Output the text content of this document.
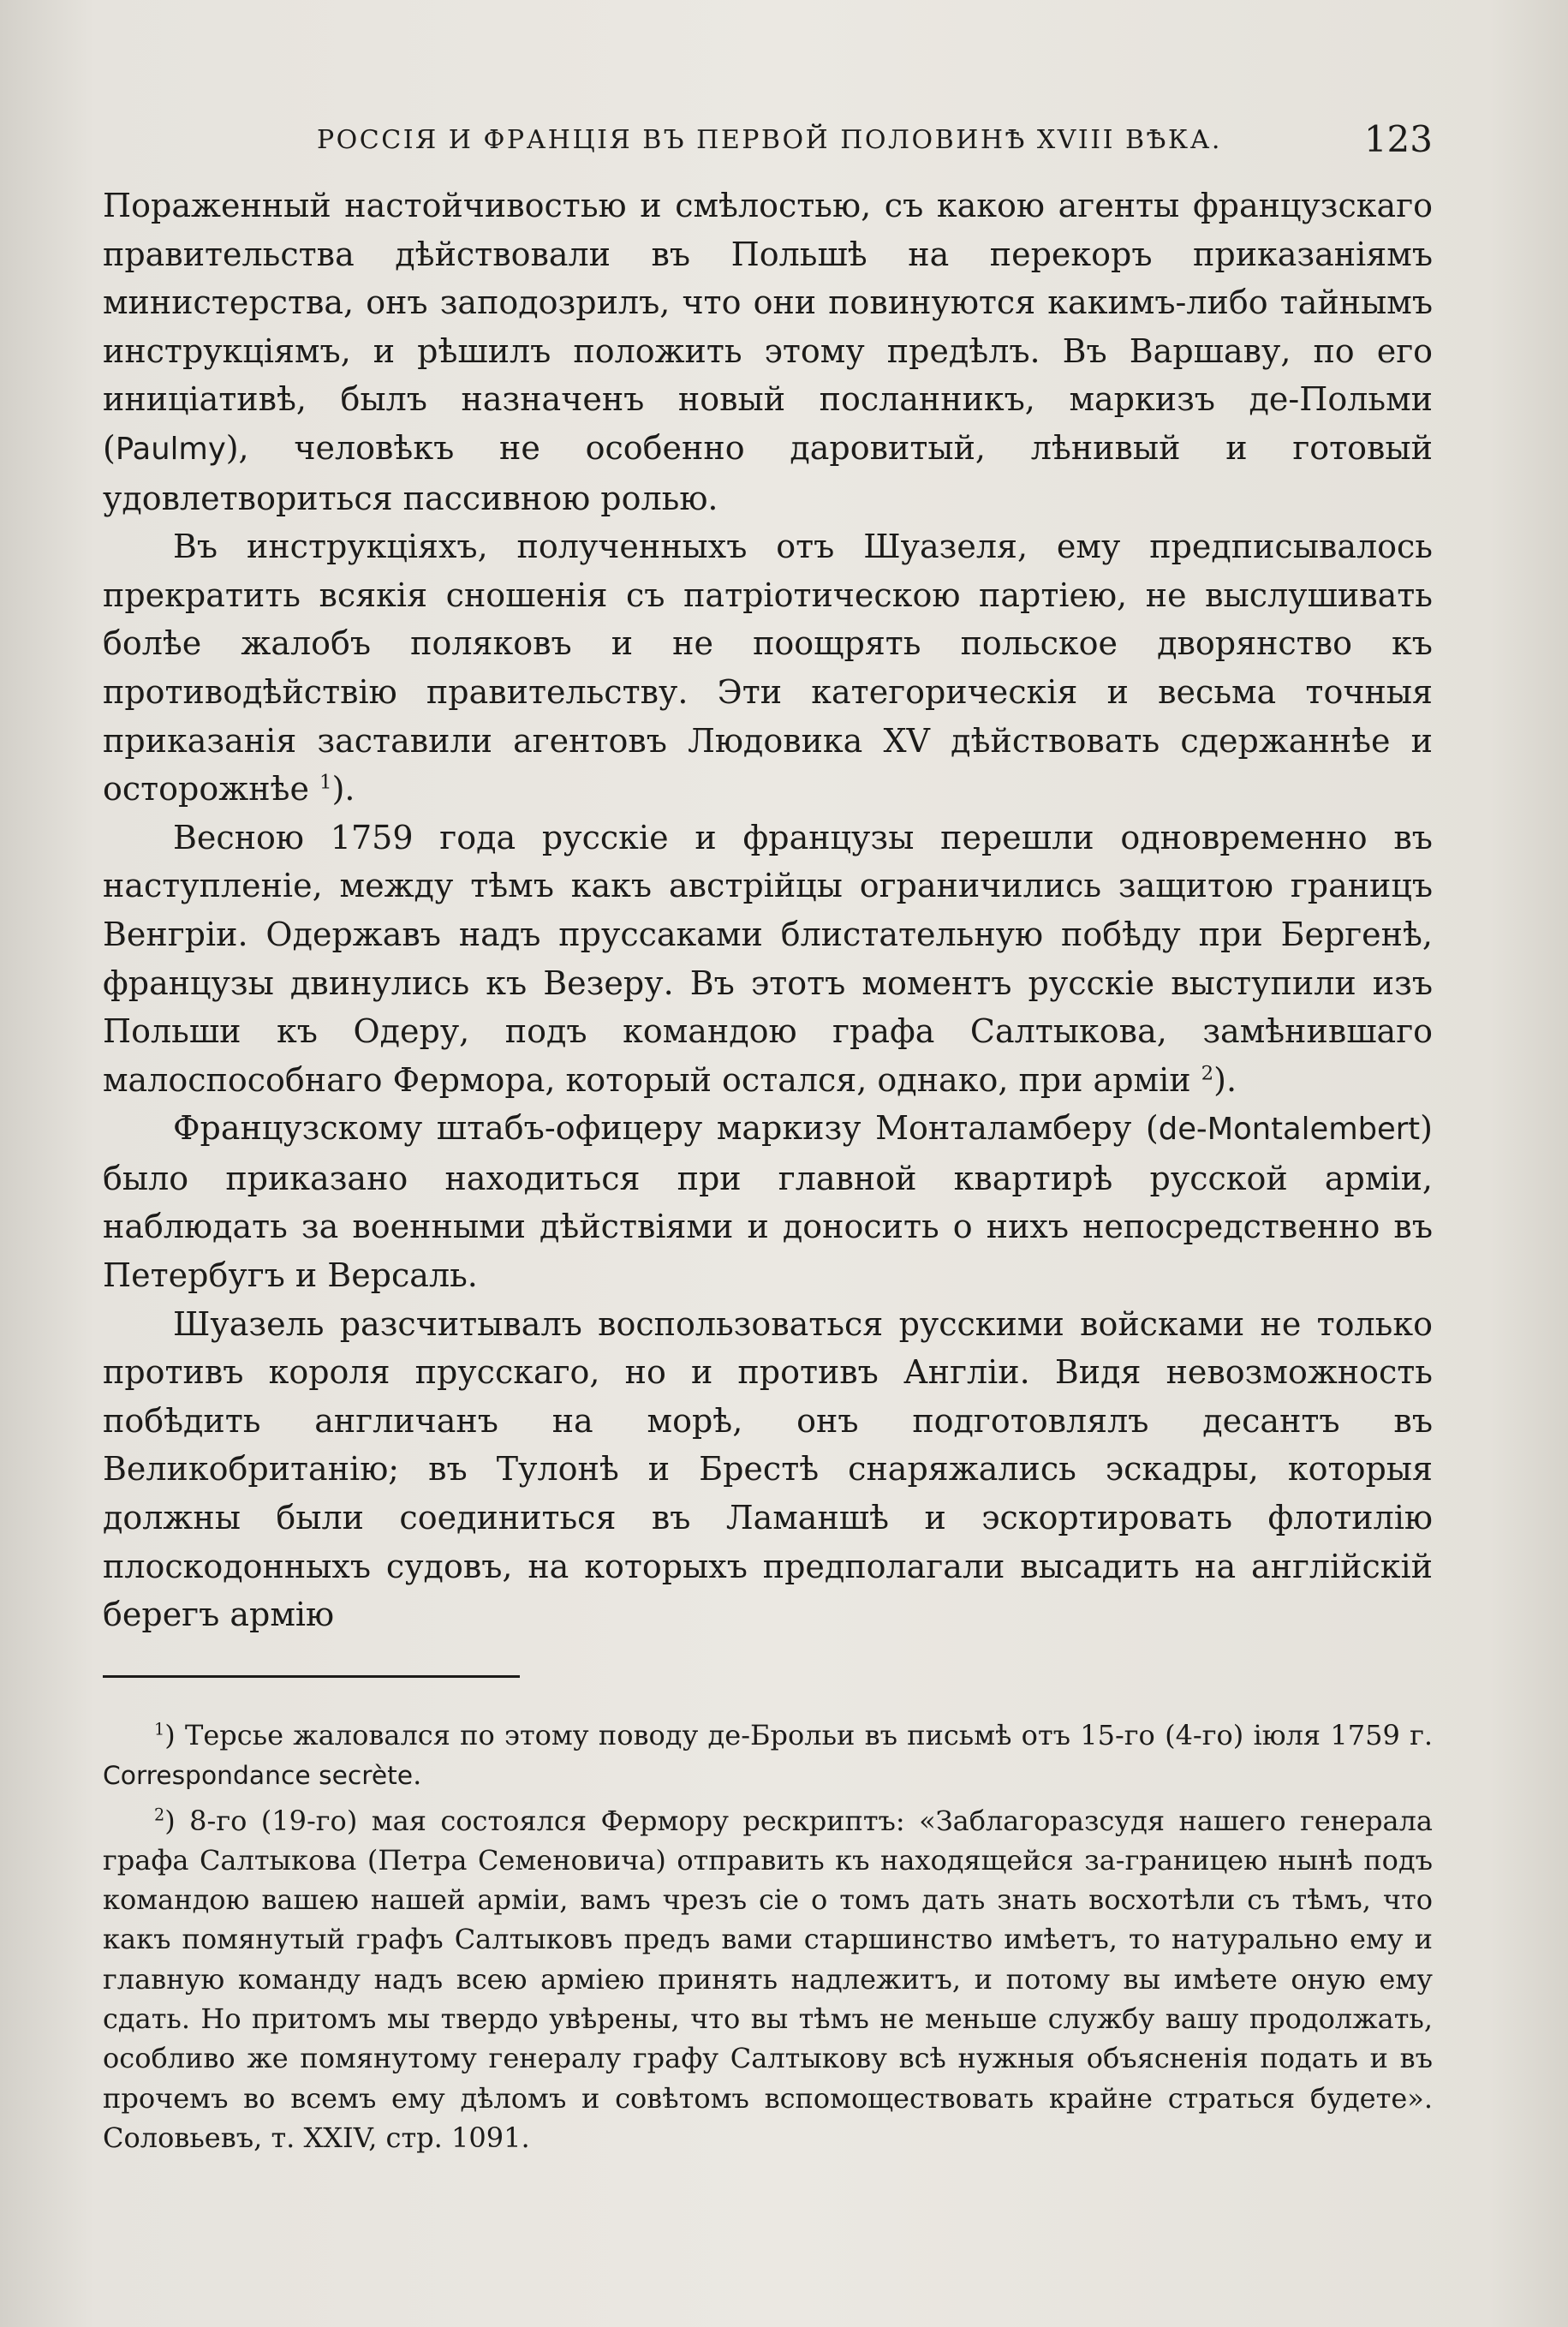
РОССІЯ И ФРАНЦІЯ ВЪ ПЕРВОЙ ПОЛОВИНѢ XVIII ВѢКА.	123

Пораженный настойчивостью и смѣлостью, съ какою агенты французскаго правительства дѣйствовали въ Польшѣ на перекоръ приказаніямъ министерства, онъ заподозрилъ, что они повинуются какимъ-либо тайнымъ инструкціямъ, и рѣшилъ положить этому предѣлъ. Въ Варшаву, по его иниціативѣ, былъ назначенъ новый посланникъ, маркизъ де-Польми (Paulmy), человѣкъ не особенно даровитый, лѣнивый и готовый удовлетвориться пассивною ролью.

Въ инструкціяхъ, полученныхъ отъ Шуазеля, ему предписывалось прекратить всякія сношенія съ патріотическою партіею, не выслушивать болѣе жалобъ поляковъ и не поощрять польское дворянство къ противодѣйствію правительству. Эти категорическія и весьма точныя приказанія заставили агентовъ Людовика XV дѣйствовать сдержаннѣе и осторожнѣе $^1$).

Весною 1759 года русскіе и французы перешли одновременно въ наступленіе, между тѣмъ какъ австрійцы ограничились защитою границъ Венгріи. Одержавъ надъ пруссаками блистательную побѣду при Бергенѣ, французы двинулись къ Везеру. Въ этотъ моментъ русскіе выступили изъ Польши къ Одеру, подъ командою графа Салтыкова, замѣнившаго малоспособнаго Фермора, который остался, однако, при арміи $^2$).

Французскому штабъ-офицеру маркизу Монталамберу (de-Montalembert) было приказано находиться при главной квартирѣ русской арміи, наблюдать за военными дѣйствіями и доносить о нихъ непосредственно въ Петербугъ и Версаль.

Шуазель разсчитывалъ воспользоваться русскими войсками не только противъ короля прусскаго, но и противъ Англіи. Видя невозможность побѣдить англичанъ на морѣ, онъ подготовлялъ десантъ въ Великобританію; въ Тулонѣ и Брестѣ снаряжались эскадры, которыя должны были соединиться въ Ламаншѣ и эскортировать флотилію плоскодонныхъ судовъ, на которыхъ предполагали высадить на англійскій берегъ армію

$^1$) Терсье жаловался по этому поводу де-Брольи въ письмѣ отъ 15-го (4-го) іюля 1759 г. Correspondance secrète.

$^2$) 8-го (19-го) мая состоялся Фермору рескриптъ: «Заблагоразсудя нашего генерала графа Салтыкова (Петра Семеновича) отправить къ находящейся за-границею нынѣ подъ командою вашею нашей арміи, вамъ чрезъ сіе о томъ дать знать восхотѣли съ тѣмъ, что какъ помянутый графъ Салтыковъ предъ вами старшинство имѣетъ, то натурально ему и главную команду надъ всею арміею принять надлежитъ, и потому вы имѣете оную ему сдать. Но притомъ мы твердо увѣрены, что вы тѣмъ не меньше службу вашу продолжать, особливо же помянутому генералу графу Салтыкову всѣ нужныя объясненія подать и въ прочемъ во всемъ ему дѣломъ и совѣтомъ вспомоществовать крайне страться будете». Соловьевъ, т. XXIV, стр. 1091.
